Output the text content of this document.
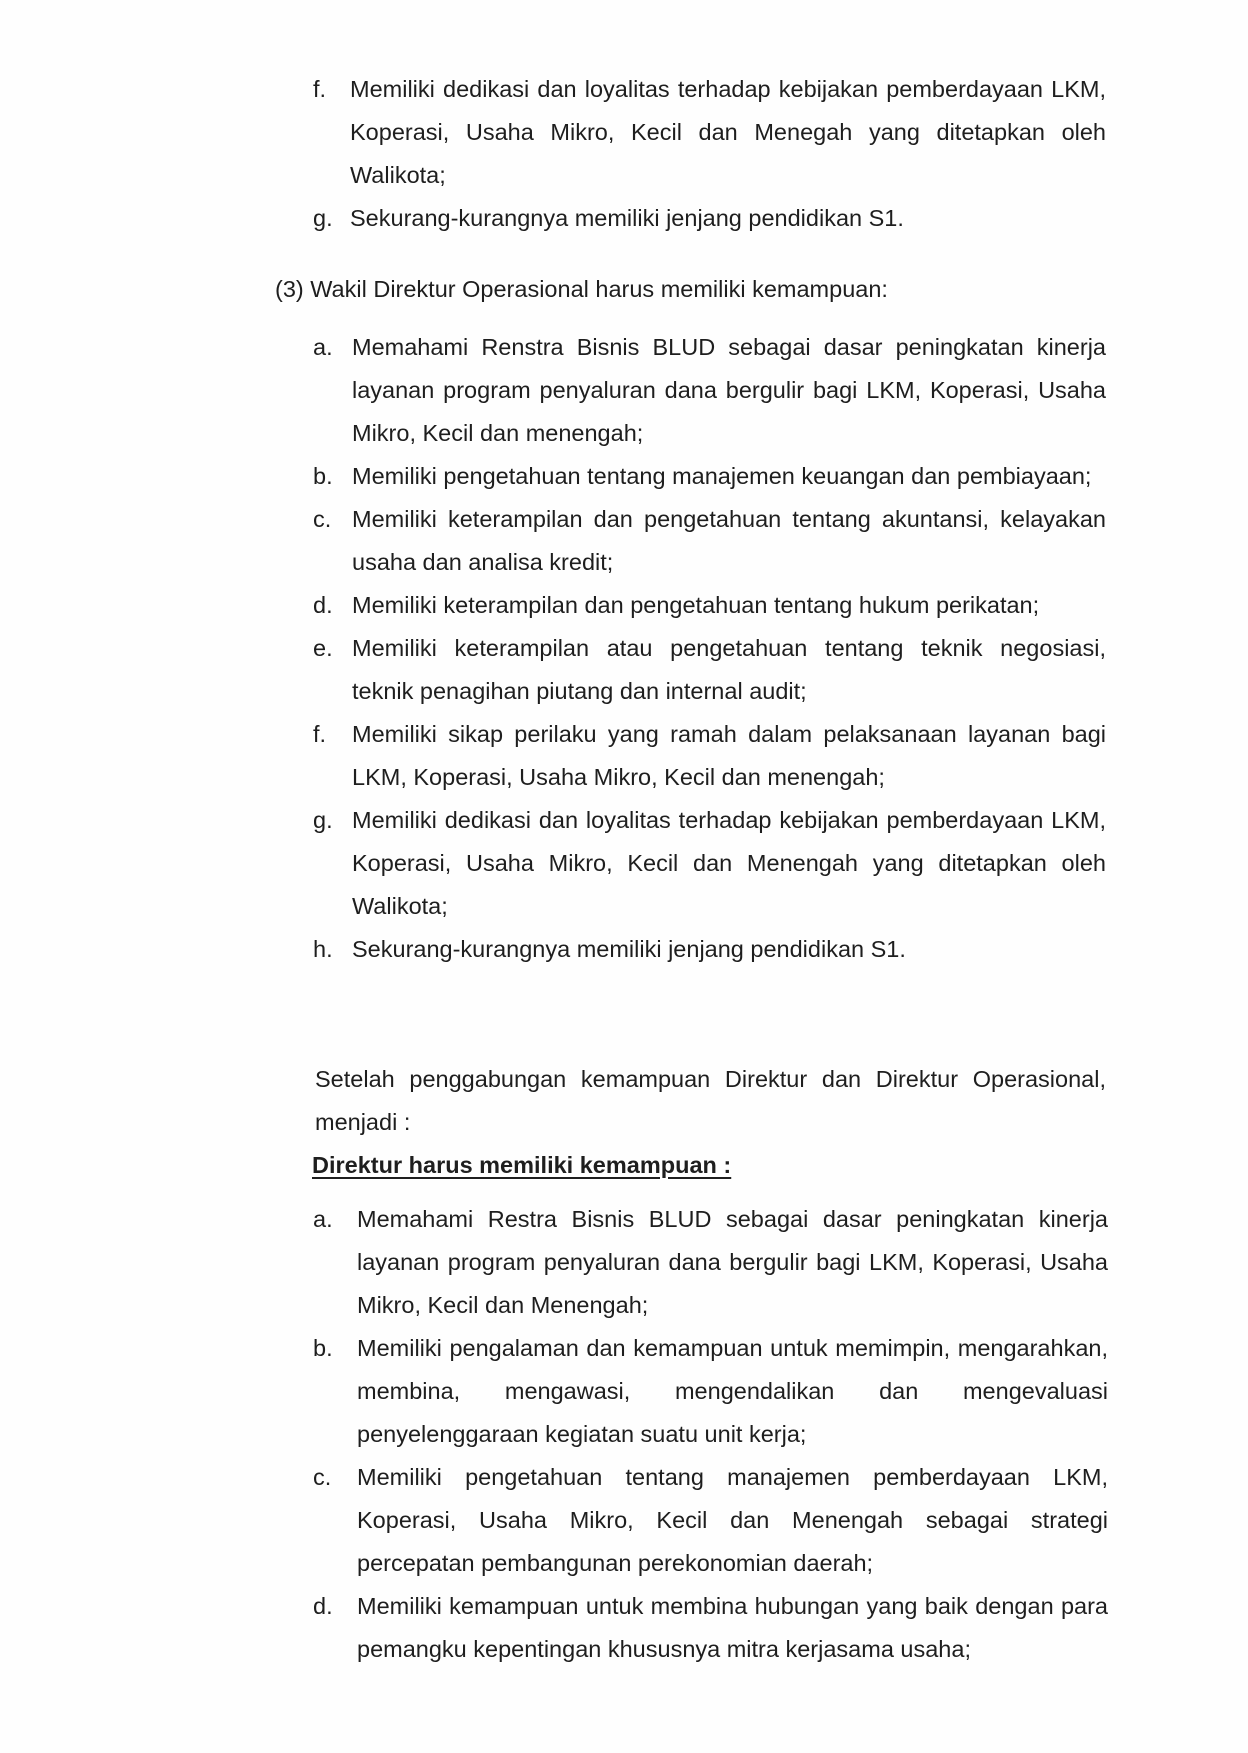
f. Memiliki dedikasi dan loyalitas terhadap kebijakan pemberdayaan LKM, Koperasi, Usaha Mikro, Kecil dan Menegah yang ditetapkan oleh Walikota;
g. Sekurang-kurangnya memiliki jenjang pendidikan S1.
(3) Wakil Direktur Operasional harus memiliki kemampuan:
a. Memahami Renstra Bisnis BLUD sebagai dasar peningkatan kinerja layanan program penyaluran dana bergulir bagi LKM, Koperasi, Usaha Mikro, Kecil dan menengah;
b. Memiliki pengetahuan tentang manajemen keuangan dan pembiayaan;
c. Memiliki keterampilan dan pengetahuan tentang akuntansi, kelayakan usaha dan analisa kredit;
d. Memiliki keterampilan dan pengetahuan tentang hukum perikatan;
e. Memiliki keterampilan atau pengetahuan tentang teknik negosiasi, teknik penagihan piutang dan internal audit;
f. Memiliki sikap perilaku yang ramah dalam pelaksanaan layanan bagi LKM, Koperasi, Usaha Mikro, Kecil dan menengah;
g. Memiliki dedikasi dan loyalitas terhadap kebijakan pemberdayaan LKM, Koperasi, Usaha Mikro, Kecil dan Menengah yang ditetapkan oleh Walikota;
h. Sekurang-kurangnya memiliki jenjang pendidikan S1.
Setelah penggabungan kemampuan Direktur dan Direktur Operasional, menjadi :
Direktur harus memiliki kemampuan :
a. Memahami Restra Bisnis BLUD sebagai dasar peningkatan kinerja layanan program penyaluran dana bergulir bagi LKM, Koperasi, Usaha Mikro, Kecil dan Menengah;
b. Memiliki pengalaman dan kemampuan untuk memimpin, mengarahkan, membina, mengawasi, mengendalikan dan mengevaluasi penyelenggaraan kegiatan suatu unit kerja;
c. Memiliki pengetahuan tentang manajemen pemberdayaan LKM, Koperasi, Usaha Mikro, Kecil dan Menengah sebagai strategi percepatan pembangunan perekonomian daerah;
d. Memiliki kemampuan untuk membina hubungan yang baik dengan para pemangku kepentingan khususnya mitra kerjasama usaha;
